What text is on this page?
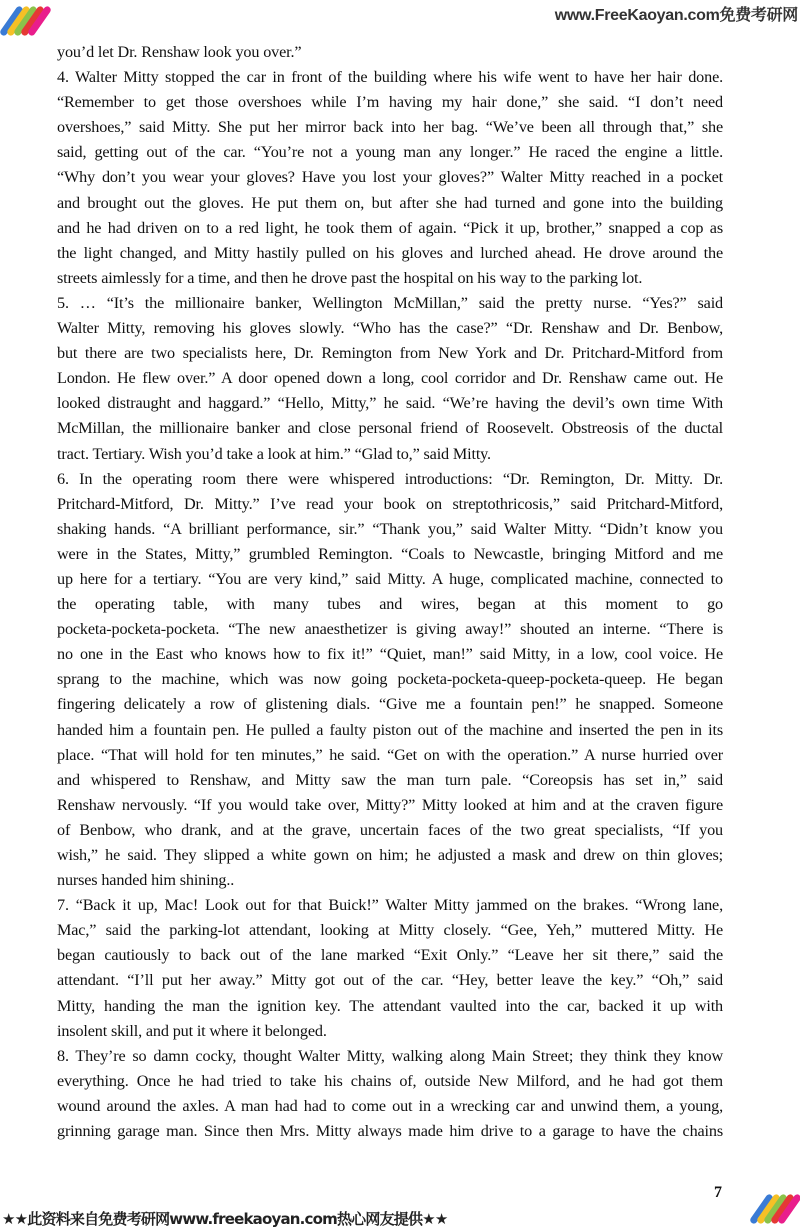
www.FreeKaoyan.com免费考研网
you’d let Dr. Renshaw look you over.”
4. Walter Mitty stopped the car in front of the building where his wife went to have her hair done.
“Remember to get those overshoes while I’m having my hair done,” she said. “I don’t need
overshoes,” said Mitty. She put her mirror back into her bag. “We’ve been all through that,” she
said, getting out of the car. “You’re not a young man any longer.” He raced the engine a little.
“Why don’t you wear your gloves? Have you lost your gloves?” Walter Mitty reached in a pocket
and brought out the gloves. He put them on, but after she had turned and gone into the building
and he had driven on to a red light, he took them of again. “Pick it up, brother,” snapped a cop as
the light changed, and Mitty hastily pulled on his gloves and lurched ahead. He drove around the
streets aimlessly for a time, and then he drove past the hospital on his way to the parking lot.
5. … “It’s the millionaire banker, Wellington McMillan,” said the pretty nurse. “Yes?” said
Walter Mitty, removing his gloves slowly. “Who has the case?” “Dr. Renshaw and Dr. Benbow,
but there are two specialists here, Dr. Remington from New York and Dr. Pritchard-Mitford from
London. He flew over.” A door opened down a long, cool corridor and Dr. Renshaw came out. He
looked distraught and haggard.” “Hello, Mitty,” he said. “We’re having the devil’s own time With
McMillan, the millionaire banker and close personal friend of Roosevelt. Obstreosis of the ductal
tract. Tertiary. Wish you’d take a look at him.” “Glad to,” said Mitty.
6. In the operating room there were whispered introductions: “Dr. Remington, Dr. Mitty. Dr.
Pritchard-Mitford, Dr. Mitty.” I’ve read your book on streptothricosis,” said Pritchard-Mitford,
shaking hands. “A brilliant performance, sir.” “Thank you,” said Walter Mitty. “Didn’t know you
were in the States, Mitty,” grumbled Remington. “Coals to Newcastle, bringing Mitford and me
up here for a tertiary. “You are very kind,” said Mitty. A huge, complicated machine, connected to
the operating table, with many tubes and wires, began at this moment to go
pocketa-pocketa-pocketa. “The new anaesthetizer is giving away!” shouted an interne. “There is
no one in the East who knows how to fix it!” “Quiet, man!” said Mitty, in a low, cool voice. He
sprang to the machine, which was now going pocketa-pocketa-queep-pocketa-queep. He began
fingering delicately a row of glistening dials. “Give me a fountain pen!” he snapped. Someone
handed him a fountain pen. He pulled a faulty piston out of the machine and inserted the pen in its
place. “That will hold for ten minutes,” he said. “Get on with the operation.” A nurse hurried over
and whispered to Renshaw, and Mitty saw the man turn pale. “Coreopsis has set in,” said
Renshaw nervously. “If you would take over, Mitty?” Mitty looked at him and at the craven figure
of Benbow, who drank, and at the grave, uncertain faces of the two great specialists, “If you
wish,” he said. They slipped a white gown on him; he adjusted a mask and drew on thin gloves;
nurses handed him shining..
7. “Back it up, Mac! Look out for that Buick!” Walter Mitty jammed on the brakes. “Wrong lane,
Mac,” said the parking-lot attendant, looking at Mitty closely. “Gee, Yeh,” muttered Mitty. He
began cautiously to back out of the lane marked “Exit Only.” “Leave her sit there,” said the
attendant. “I’ll put her away.” Mitty got out of the car. “Hey, better leave the key.” “Oh,” said
Mitty, handing the man the ignition key. The attendant vaulted into the car, backed it up with
insolent skill, and put it where it belonged.
8. They’re so damn cocky, thought Walter Mitty, walking along Main Street; they think they know
everything. Once he had tried to take his chains of, outside New Milford, and he had got them
wound around the axles. A man had had to come out in a wrecking car and unwind them, a young,
grinning garage man. Since then Mrs. Mitty always made him drive to a garage to have the chains
7
★★此资料来自免费考研网www.freekaoyan.com热心网友提供★★
